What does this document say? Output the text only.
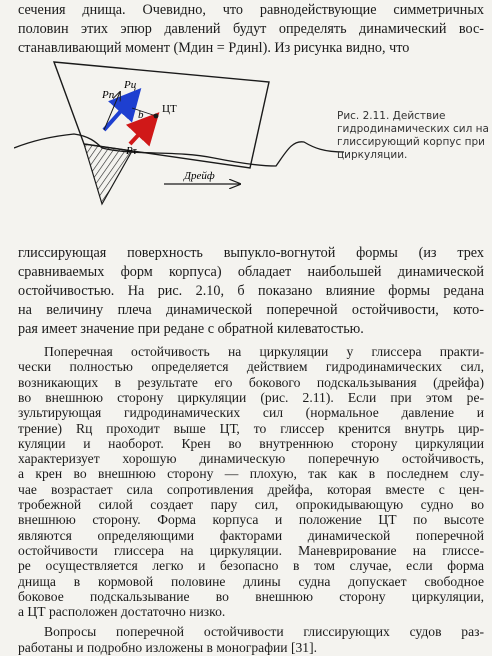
сечения днища. Очевидно, что равнодействующие симметричных
половин этих эпюр давлений будут определять динамический вос-
станавливающий момент (Mдин = Pдинl). Из рисунка видно, что
Pn
Pц
ЦТ
b
Pτ
Дрейф
Рис. 2.11. Действие гидродинамических сил на глиссирующий корпус при циркуляции.
глиссирующая поверхность выпукло-вогнутой формы (из трех
сравниваемых форм корпуса) обладает наибольшей динамической
остойчивостью. На рис. 2.10, б показано влияние формы редана
на величину плеча динамической поперечной остойчивости, кото-
рая имеет значение при редане с обратной килеватостью.
Поперечная остойчивость на циркуляции у глиссера практи-
чески полностью определяется действием гидродинамических сил,
возникающих в результате его бокового подскальзывания (дрейфа)
во внешнюю сторону циркуляции (рис. 2.11). Если при этом ре-
зультирующая гидродинамических сил (нормальное давление и
трение) Rц проходит выше ЦТ, то глиссер кренится внутрь цир-
куляции и наоборот. Крен во внутреннюю сторону циркуляции
характеризует хорошую динамическую поперечную остойчивость,
а крен во внешнюю сторону — плохую, так как в последнем слу-
чае возрастает сила сопротивления дрейфа, которая вместе с цен-
тробежной силой создает пару сил, опрокидывающую судно во
внешнюю сторону. Форма корпуса и положение ЦТ по высоте
являются определяющими факторами динамической поперечной
остойчивости глиссера на циркуляции. Маневрирование на глиссе-
ре осуществляется легко и безопасно в том случае, если форма
днища в кормовой половине длины судна допускает свободное
боковое подскальзывание во внешнюю сторону циркуляции,
а ЦТ расположен достаточно низко.
Вопросы поперечной остойчивости глиссирующих судов раз-
работаны и подробно изложены в монографии [31].
